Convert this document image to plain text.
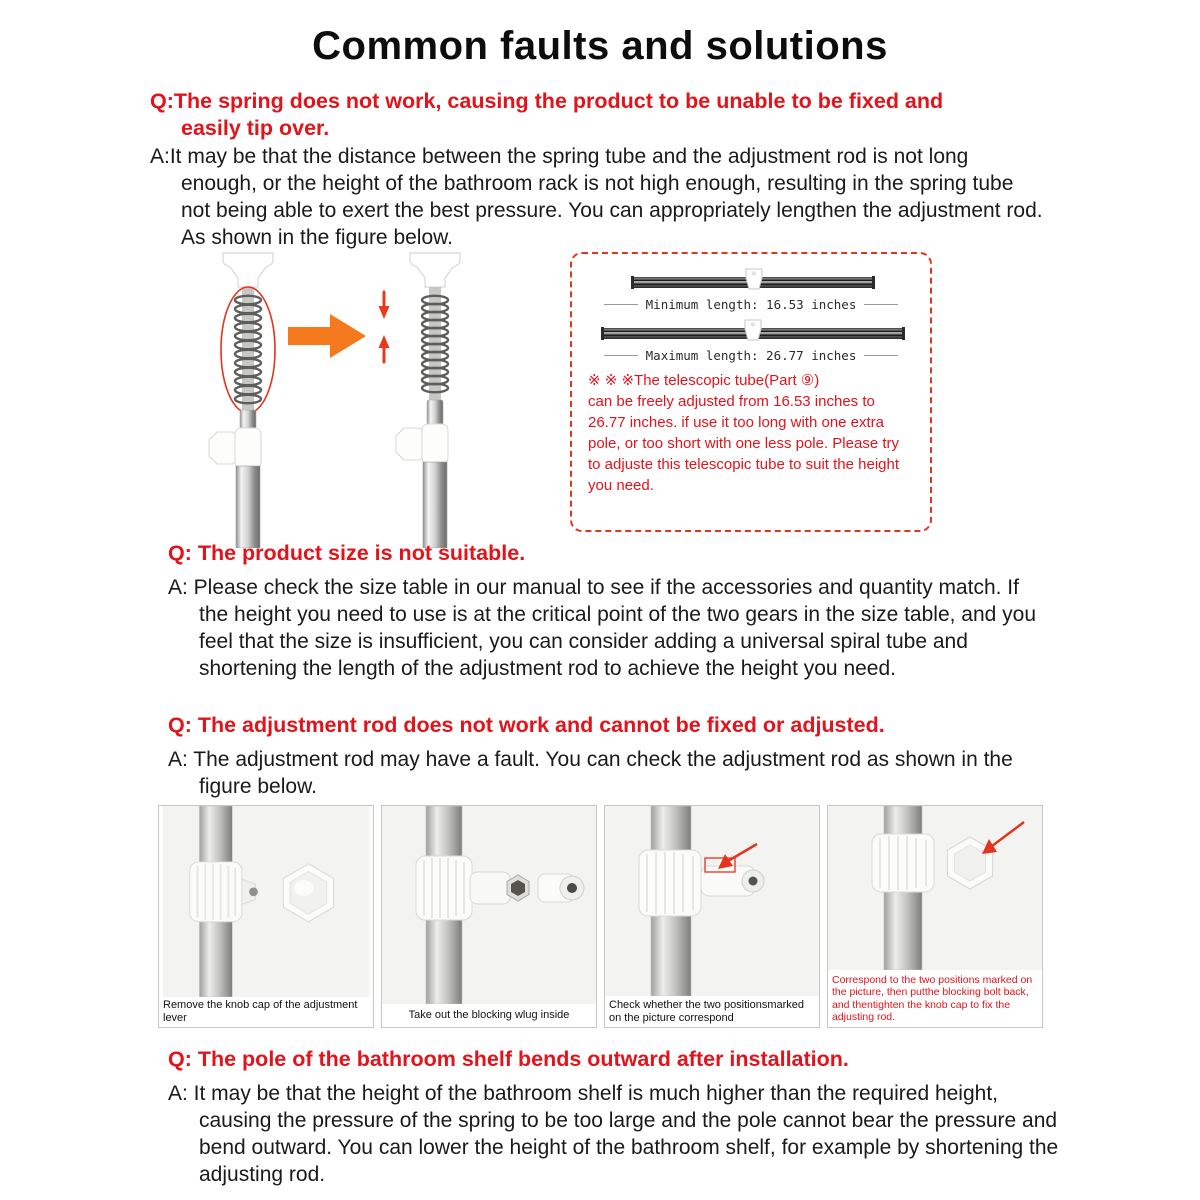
Common faults and solutions

Q:The spring does not work, causing the product to be unable to be fixed and easily tip over.

A:It may be that the distance between the spring tube and the adjustment rod is not long enough, or the height of the bathroom rack is not high enough, resulting in the spring tube not being able to exert the best pressure. You can appropriately lengthen the adjustment rod. As shown in the figure below.

Minimum length: 16.53 inches
Maximum length: 26.77 inches
※ ※ ※The telescopic tube(Part ⑨)
can be freely adjusted from 16.53 inches to 26.77 inches. if use it too long with one extra pole, or too short with one less pole. Please try to adjuste this telescopic tube to suit the height you need.

Q: The product size is not suitable.

A: Please check the size table in our manual to see if the accessories and quantity match. If the height you need to use is at the critical point of the two gears in the size table, and you feel that the size is insufficient, you can consider adding a universal spiral tube and shortening the length of the adjustment rod to achieve the height you need.

Q: The adjustment rod does not work and cannot be fixed or adjusted.

A: The adjustment rod may have a fault. You can check the adjustment rod as shown in the figure below.

Remove the knob cap of the adjustment lever	Take out the blocking wlug inside
Check whether the two positionsmarked on the picture correspond
Correspond to the two positions marked on the picture, then putthe blocking bolt back, and thentighten the knob cap to fix the adjusting rod.

Q: The pole of the bathroom shelf bends outward after installation.

A: It may be that the height of the bathroom shelf is much higher than the required height, causing the pressure of the spring to be too large and the pole cannot bear the pressure and bend outward. You can lower the height of the bathroom shelf, for example by shortening the adjusting rod.
